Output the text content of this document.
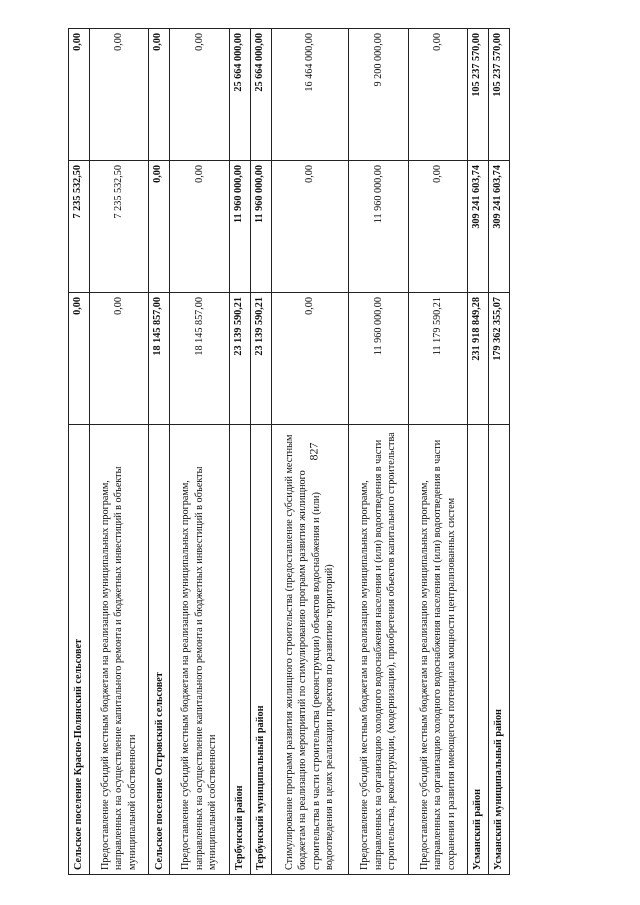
827
Сельское поселение Красно-Полянский сельсовет	0,00	7 235 532,50	0,00
Предоставление субсидий местным бюджетам на реализацию муниципальных программ, направленных на осуществление капитального ремонта и бюджетных инвестиций в объекты муниципальной собственности	0,00	7 235 532,50	0,00
Сельское поселение Островский сельсовет	18 145 857,00	0,00	0,00
Предоставление субсидий местным бюджетам на реализацию муниципальных программ, направленных на осуществление капитального ремонта и бюджетных инвестиций в объекты муниципальной собственности	18 145 857,00	0,00	0,00
Тербунский район	23 139 590,21	11 960 000,00	25 664 000,00
Тербунский муниципальный район	23 139 590,21	11 960 000,00	25 664 000,00
Стимулирование программ развития жилищного строительства (предоставление субсидий местным бюджетам на реализацию мероприятий по стимулированию программ развития жилищного строительства в части строительства (реконструкции) объектов водоснабжения и (или) водоотведения в целях реализации проектов по развитию территорий)	0,00	0,00	16 464 000,00
Предоставление субсидий местным бюджетам на реализацию муниципальных программ, направленных на организацию холодного водоснабжения населения и (или) водоотведения в части строительства, реконструкции, (модернизации), приобретения объектов капитального строительства	11 960 000,00	11 960 000,00	9 200 000,00
Предоставление субсидий местным бюджетам на реализацию муниципальных программ, направленных на организацию холодного водоснабжения населения и (или) водоотведения в части сохранения и развития имеющегося потенциала мощности централизованных систем	11 179 590,21	0,00	0,00
Усманский район	231 918 849,28	309 241 603,74	105 237 570,00
Усманский муниципальный район	179 362 355,07	309 241 603,74	105 237 570,00
